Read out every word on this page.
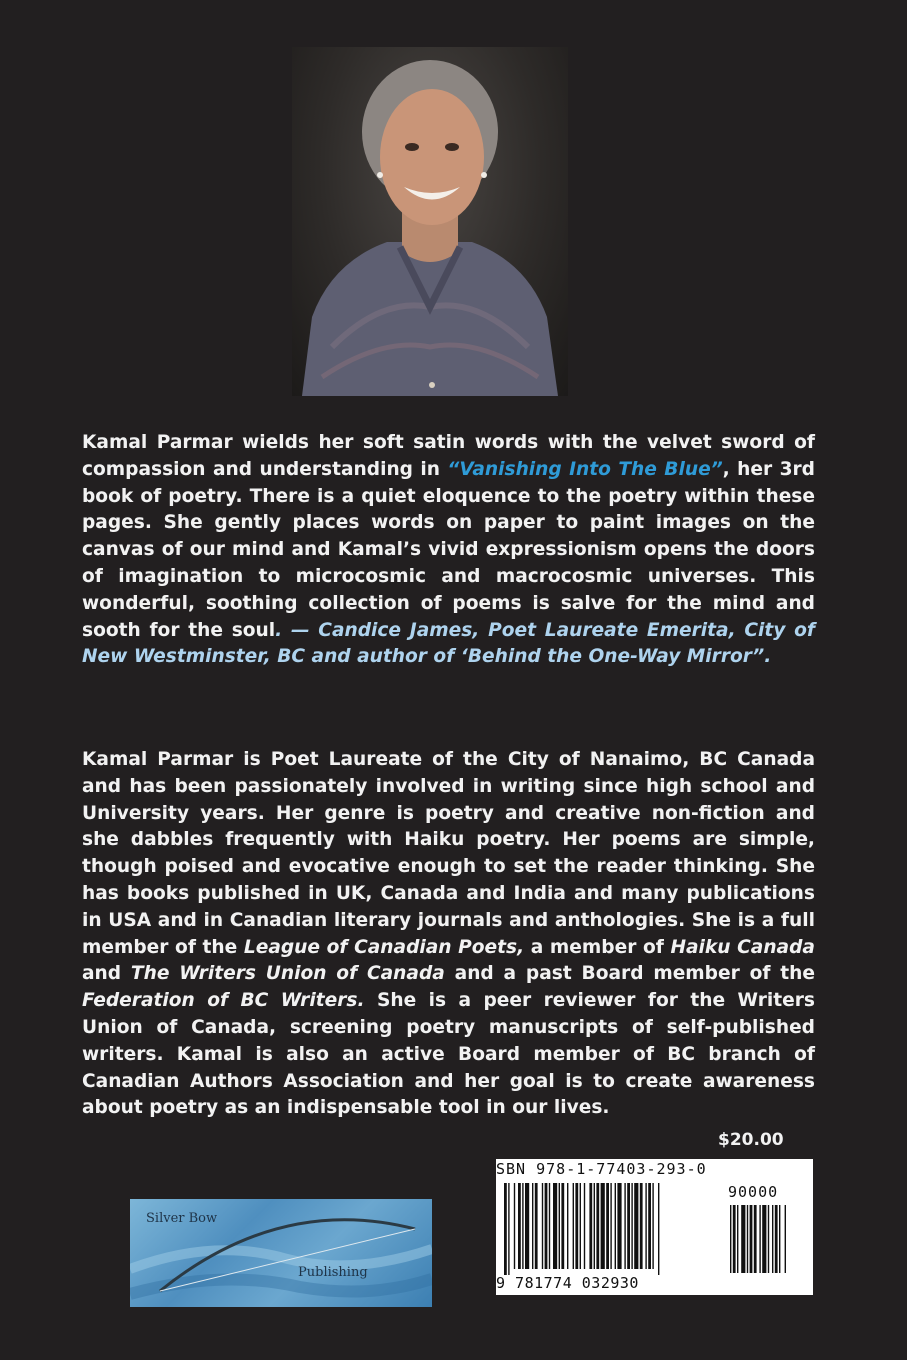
Kamal Parmar wields her soft satin words with the velvet sword of compassion and understanding in “Vanishing Into The Blue”, her 3rd book of poetry. There is a quiet eloquence to the poetry within these pages. She gently places words on paper to paint images on the canvas of our mind and Kamal’s vivid expressionism opens the doors of imagination to microcosmic and macrocosmic universes. This wonderful, soothing collection of poems is salve for the mind and sooth for the soul. — Candice James, Poet Laureate Emerita, City of New Westminster, BC and author of ‘Behind the One-Way Mirror”.

Kamal Parmar is Poet Laureate of the City of Nanaimo, BC Canada and has been passionately involved in writing since high school and University years. Her genre is poetry and creative non-fiction and she dabbles frequently with Haiku poetry. Her poems are simple, though poised and evocative enough to set the reader thinking. She has books published in UK, Canada and India and many publications in USA and in Canadian literary journals and anthologies. She is a full member of the League of Canadian Poets, a member of Haiku Canada and The Writers Union of Canada and a past Board member of the Federation of BC Writers. She is a peer reviewer for the Writers Union of Canada, screening poetry manuscripts of self-published writers. Kamal is also an active Board member of BC branch of Canadian Authors Association and her goal is to create awareness about poetry as an indispensable tool in our lives.

$20.00
SBN 978-1-77403-293-0
90000
9 781774 032930
Silver Bow
Publishing
